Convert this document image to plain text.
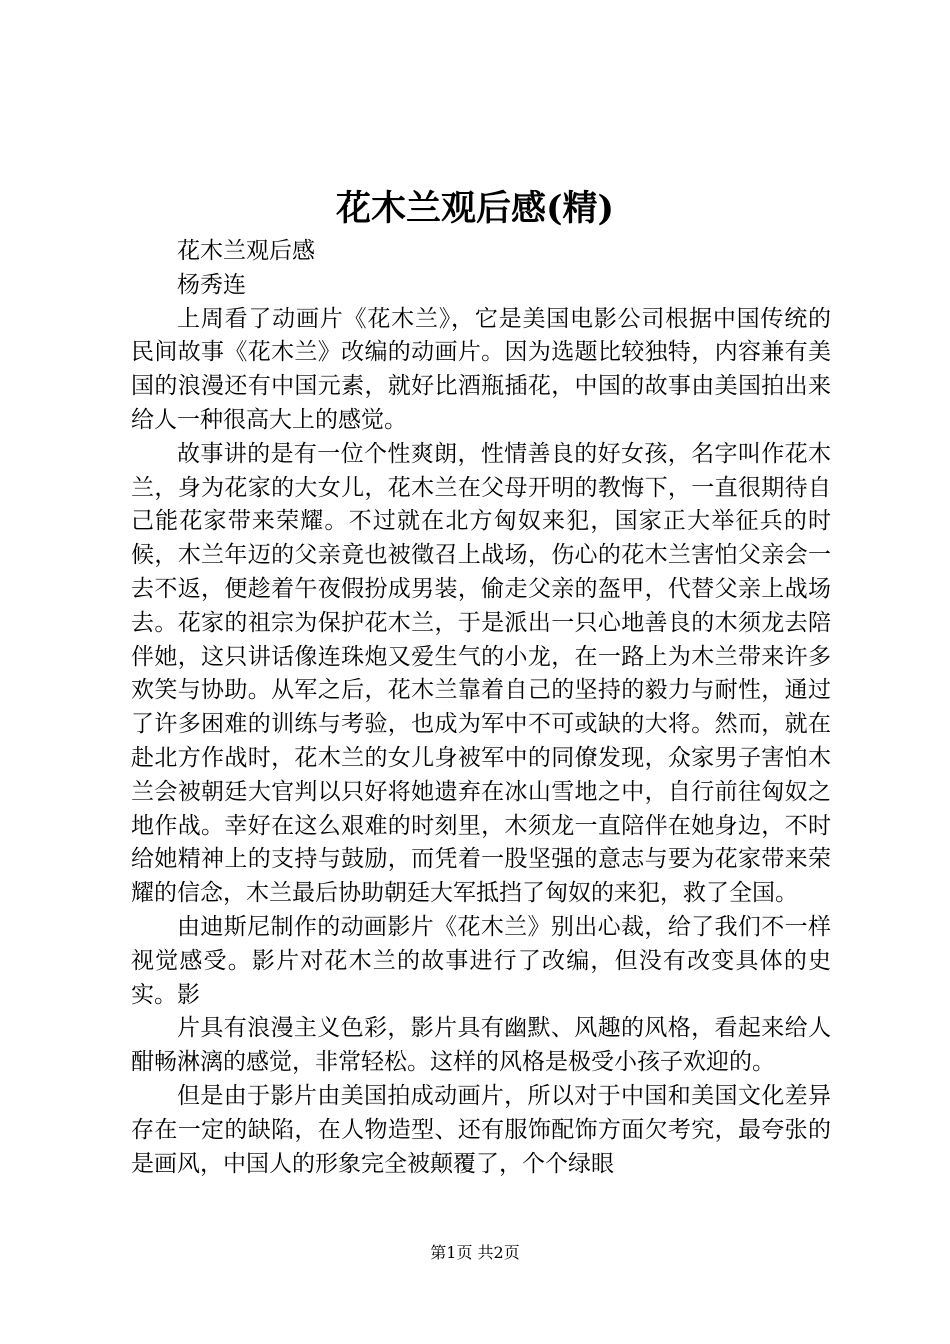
花木兰观后感(精)

花木兰观后感

杨秀连

上周看了动画片《花木兰》，它是美国电影公司根据中国传统的民间故事《花木兰》改编的动画片。因为选题比较独特，内容兼有美国的浪漫还有中国元素，就好比酒瓶插花，中国的故事由美国拍出来给人一种很高大上的感觉。

故事讲的是有一位个性爽朗，性情善良的好女孩，名字叫作花木兰，身为花家的大女儿，花木兰在父母开明的教悔下，一直很期待自己能花家带来荣耀。不过就在北方匈奴来犯，国家正大举征兵的时候，木兰年迈的父亲竟也被徵召上战场，伤心的花木兰害怕父亲会一去不返，便趁着午夜假扮成男装，偷走父亲的盔甲，代替父亲上战场去。花家的祖宗为保护花木兰，于是派出一只心地善良的木须龙去陪伴她，这只讲话像连珠炮又爱生气的小龙，在一路上为木兰带来许多欢笑与协助。从军之后，花木兰靠着自己的坚持的毅力与耐性，通过了许多困难的训练与考验，也成为军中不可或缺的大将。然而，就在赴北方作战时，花木兰的女儿身被军中的同僚发现，众家男子害怕木兰会被朝廷大官判以只好将她遗弃在冰山雪地之中，自行前往匈奴之地作战。幸好在这么艰难的时刻里，木须龙一直陪伴在她身边，不时给她精神上的支持与鼓励，而凭着一股坚强的意志与要为花家带来荣耀的信念，木兰最后协助朝廷大军抵挡了匈奴的来犯，救了全国。

由迪斯尼制作的动画影片《花木兰》别出心裁，给了我们不一样视觉感受。影片对花木兰的故事进行了改编，但没有改变具体的史实。影

片具有浪漫主义色彩，影片具有幽默、风趣的风格，看起来给人酣畅淋漓的感觉，非常轻松。这样的风格是极受小孩子欢迎的。

但是由于影片由美国拍成动画片，所以对于中国和美国文化差异存在一定的缺陷，在人物造型、还有服饰配饰方面欠考究，最夸张的是画风，中国人的形象完全被颠覆了，个个绿眼

第1页 共2页
